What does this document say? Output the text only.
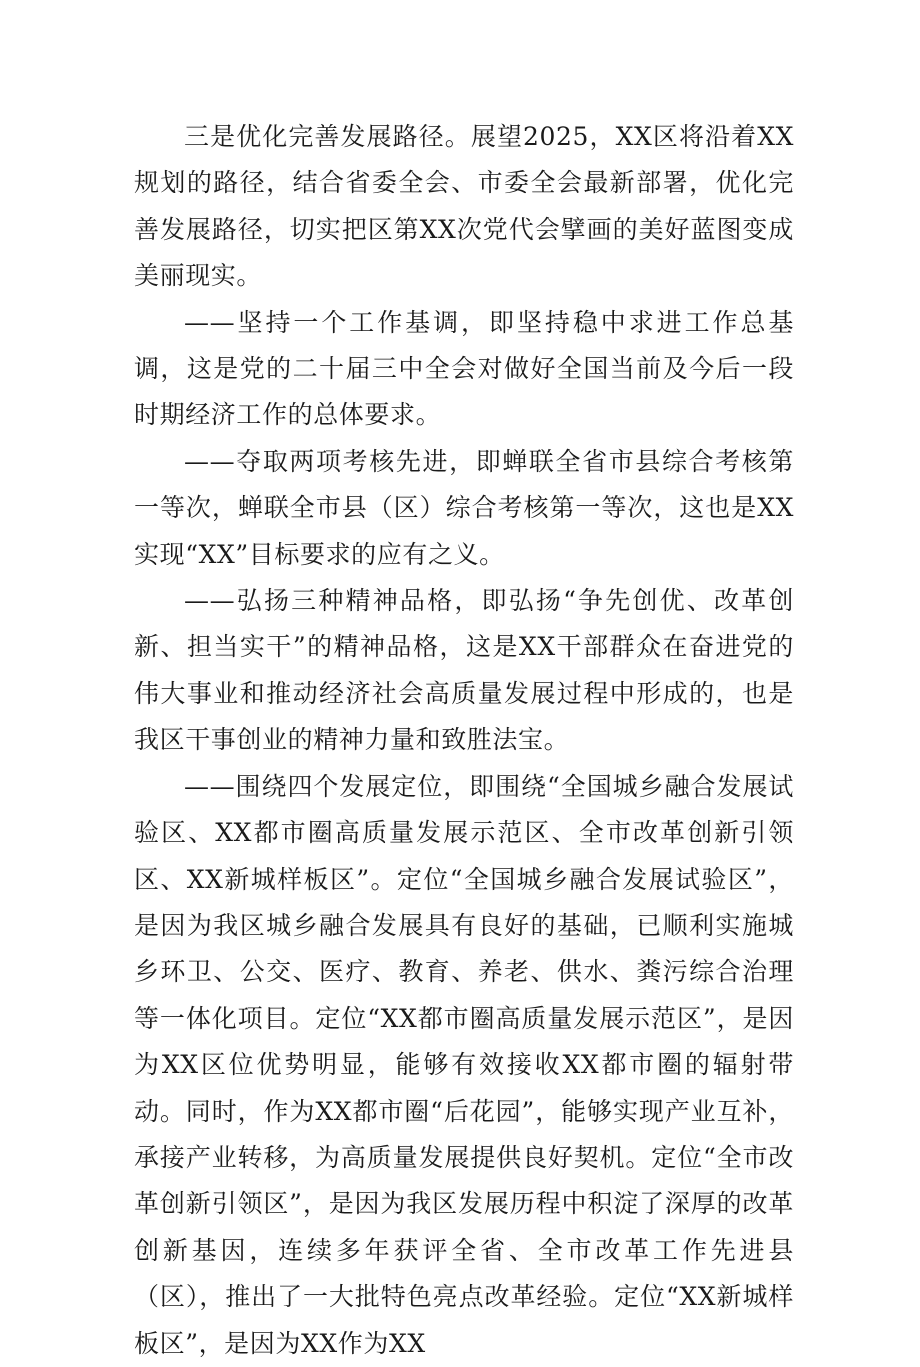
三是优化完善发展路径。展望2025，XX区将沿着XX规划的路径，结合省委全会、市委全会最新部署，优化完善发展路径，切实把区第XX次党代会擘画的美好蓝图变成美丽现实。

——坚持一个工作基调，即坚持稳中求进工作总基调，这是党的二十届三中全会对做好全国当前及今后一段时期经济工作的总体要求。

——夺取两项考核先进，即蝉联全省市县综合考核第一等次，蝉联全市县（区）综合考核第一等次，这也是XX实现“XX”目标要求的应有之义。

——弘扬三种精神品格，即弘扬“争先创优、改革创新、担当实干”的精神品格，这是XX干部群众在奋进党的伟大事业和推动经济社会高质量发展过程中形成的，也是我区干事创业的精神力量和致胜法宝。

——围绕四个发展定位，即围绕“全国城乡融合发展试验区、XX都市圈高质量发展示范区、全市改革创新引领区、XX新城样板区”。定位“全国城乡融合发展试验区”，是因为我区城乡融合发展具有良好的基础，已顺利实施城乡环卫、公交、医疗、教育、养老、供水、粪污综合治理等一体化项目。定位“XX都市圈高质量发展示范区”，是因为XX区位优势明显，能够有效接收XX都市圈的辐射带动。同时，作为XX都市圈“后花园”，能够实现产业互补，承接产业转移，为高质量发展提供良好契机。定位“全市改革创新引领区”，是因为我区发展历程中积淀了深厚的改革创新基因，连续多年获评全省、全市改革工作先进县（区），推出了一大批特色亮点改革经验。定位“XX新城样板区”，是因为XX作为XX
